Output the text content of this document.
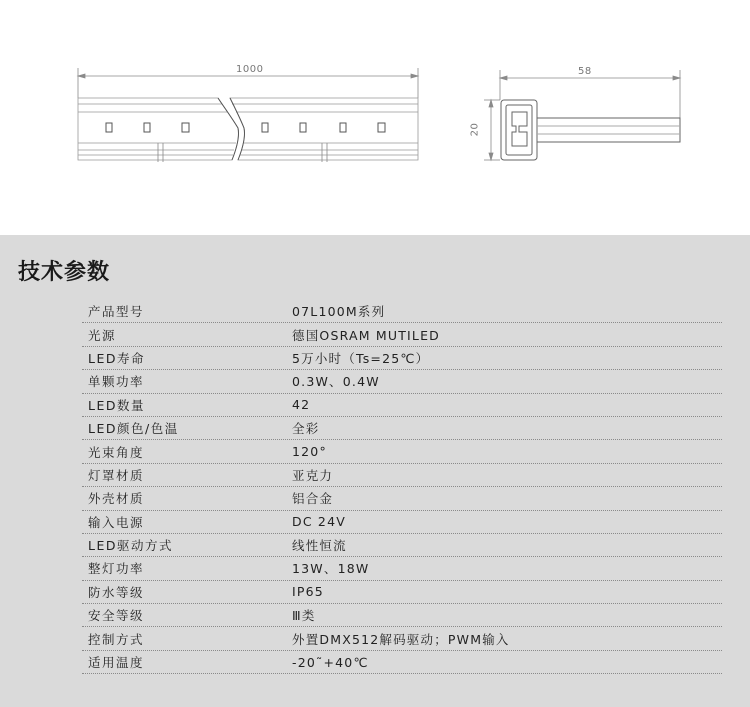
1000	58
20
技术参数
产品型号	07L100M系列
光源	德国OSRAM MUTILED
LED寿命	5万小时（Ts=25℃）
单颗功率	0.3W、0.4W
LED数量	42
LED颜色/色温	全彩
光束角度	120°
灯罩材质	亚克力
外壳材质	铝合金
输入电源	DC 24V
LED驱动方式	线性恒流
整灯功率	13W、18W
防水等级	IP65
安全等级	Ⅲ类
控制方式	外置DMX512解码驱动；PWM输入
适用温度	-20˜+40℃
